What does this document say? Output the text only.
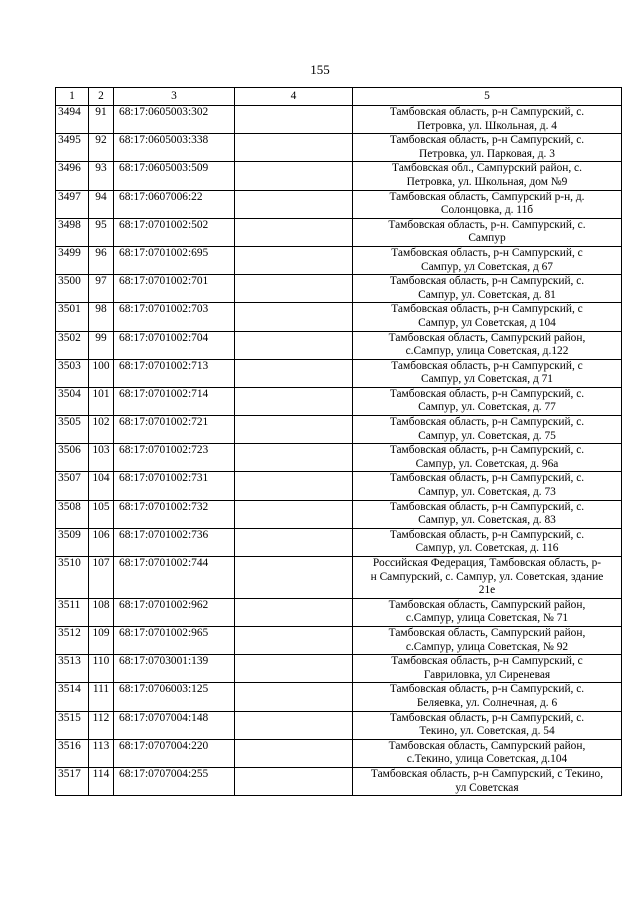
155
1	2	3	4	5
3494	91	68:17:0605003:302		Тамбовская область, р-н Сампурский, с.
Петровка, ул. Школьная, д. 4

3495	92	68:17:0605003:338		Тамбовская область, р-н Сампурский, с.
Петровка, ул. Парковая, д. 3

3496	93	68:17:0605003:509		Тамбовская обл., Сампурский район, с.
Петровка, ул. Школьная, дом №9

3497	94	68:17:0607006:22		Тамбовская область, Сампурский р-н, д.
Солонцовка, д. 11б

3498	95	68:17:0701002:502		Тамбовская область, р-н. Сампурский, с.
Сампур

3499	96	68:17:0701002:695		Тамбовская область, р-н Сампурский, с
Сампур, ул Советская, д 67

3500	97	68:17:0701002:701		Тамбовская область, р-н Сампурский, с.
Сампур, ул. Советская, д. 81

3501	98	68:17:0701002:703		Тамбовская область, р-н Сампурский, с
Сампур, ул Советская, д 104

3502	99	68:17:0701002:704		Тамбовская область, Сампурский район,
с.Сампур, улица Советская, д.122

3503	100	68:17:0701002:713		Тамбовская область, р-н Сампурский, с
Сампур, ул Советская, д 71

3504	101	68:17:0701002:714		Тамбовская область, р-н Сампурский, с.
Сампур, ул. Советская, д. 77

3505	102	68:17:0701002:721		Тамбовская область, р-н Сампурский, с.
Сампур, ул. Советская, д. 75

3506	103	68:17:0701002:723		Тамбовская область, р-н Сампурский, с.
Сампур, ул. Советская, д. 96а

3507	104	68:17:0701002:731		Тамбовская область, р-н Сампурский, с.
Сампур, ул. Советская, д. 73

3508	105	68:17:0701002:732		Тамбовская область, р-н Сампурский, с.
Сампур, ул. Советская, д. 83

3509	106	68:17:0701002:736		Тамбовская область, р-н Сампурский, с.
Сампур, ул. Советская, д. 116

3510	107	68:17:0701002:744		Российская Федерация, Тамбовская область, р-
н Сампурский, с. Сампур, ул. Советская, здание
21е

3511	108	68:17:0701002:962		Тамбовская область, Сампурский район,
с.Сампур, улица Советская, № 71

3512	109	68:17:0701002:965		Тамбовская область, Сампурский район,
с.Сампур, улица Советская, № 92

3513	110	68:17:0703001:139		Тамбовская область, р-н Сампурский, с
Гавриловка, ул Сиреневая

3514	111	68:17:0706003:125		Тамбовская область, р-н Сампурский, с.
Беляевка, ул. Солнечная, д. 6

3515	112	68:17:0707004:148		Тамбовская область, р-н Сампурский, с.
Текино, ул. Советская, д. 54

3516	113	68:17:0707004:220		Тамбовская область, Сампурский район,
с.Текино, улица Советская, д.104

3517	114	68:17:0707004:255		Тамбовская область, р-н Сампурский, с Текино,
ул Советская
